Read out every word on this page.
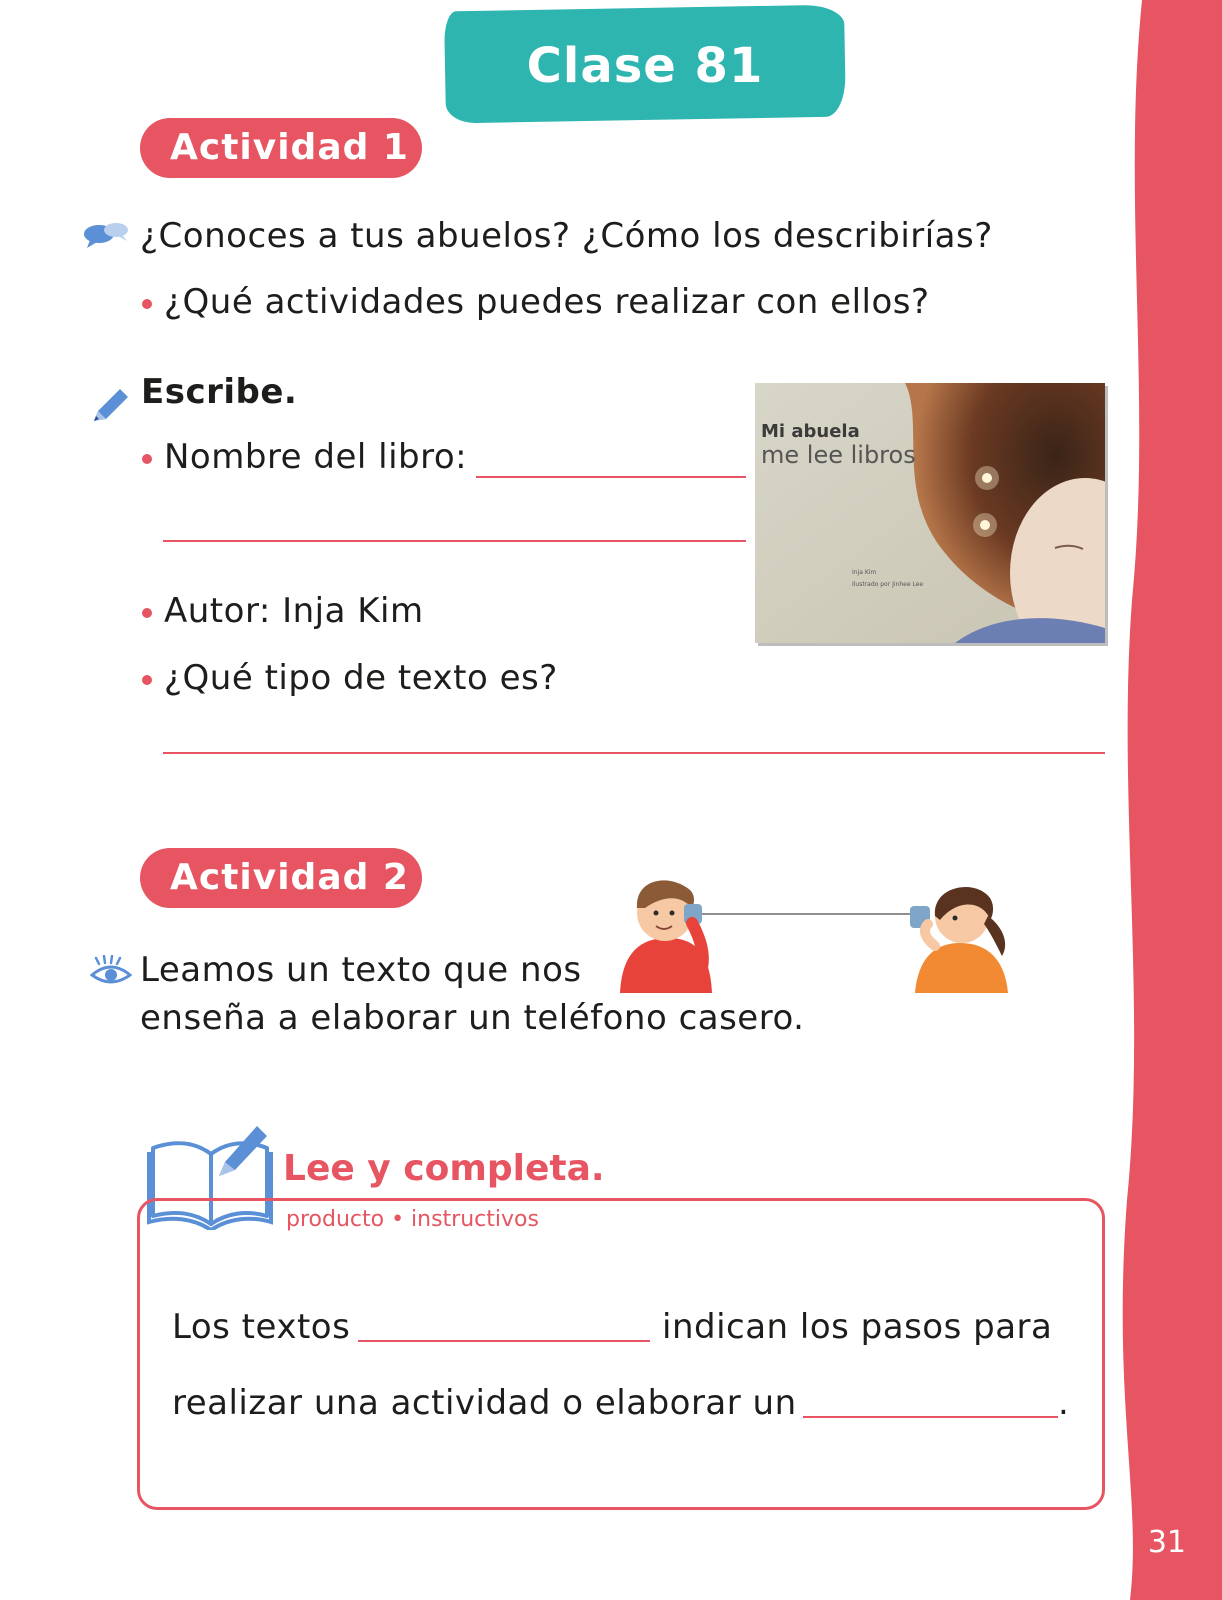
31
Clase 81
Actividad 1
¿Conoces a tus abuelos? ¿Cómo los describirías?
¿Qué actividades puedes realizar con ellos?
Escribe.
Nombre del libro:
Autor: Inja Kim
¿Qué tipo de texto es?
Mi abuela
me lee libros
Inja Kim
Ilustrado por Jinhee Lee
Actividad 2
Leamos un texto que nos
enseña a elaborar un teléfono casero.
Lee y completa.
producto • instructivos
Los textos	indican los pasos para
realizar una actividad o elaborar un	.
